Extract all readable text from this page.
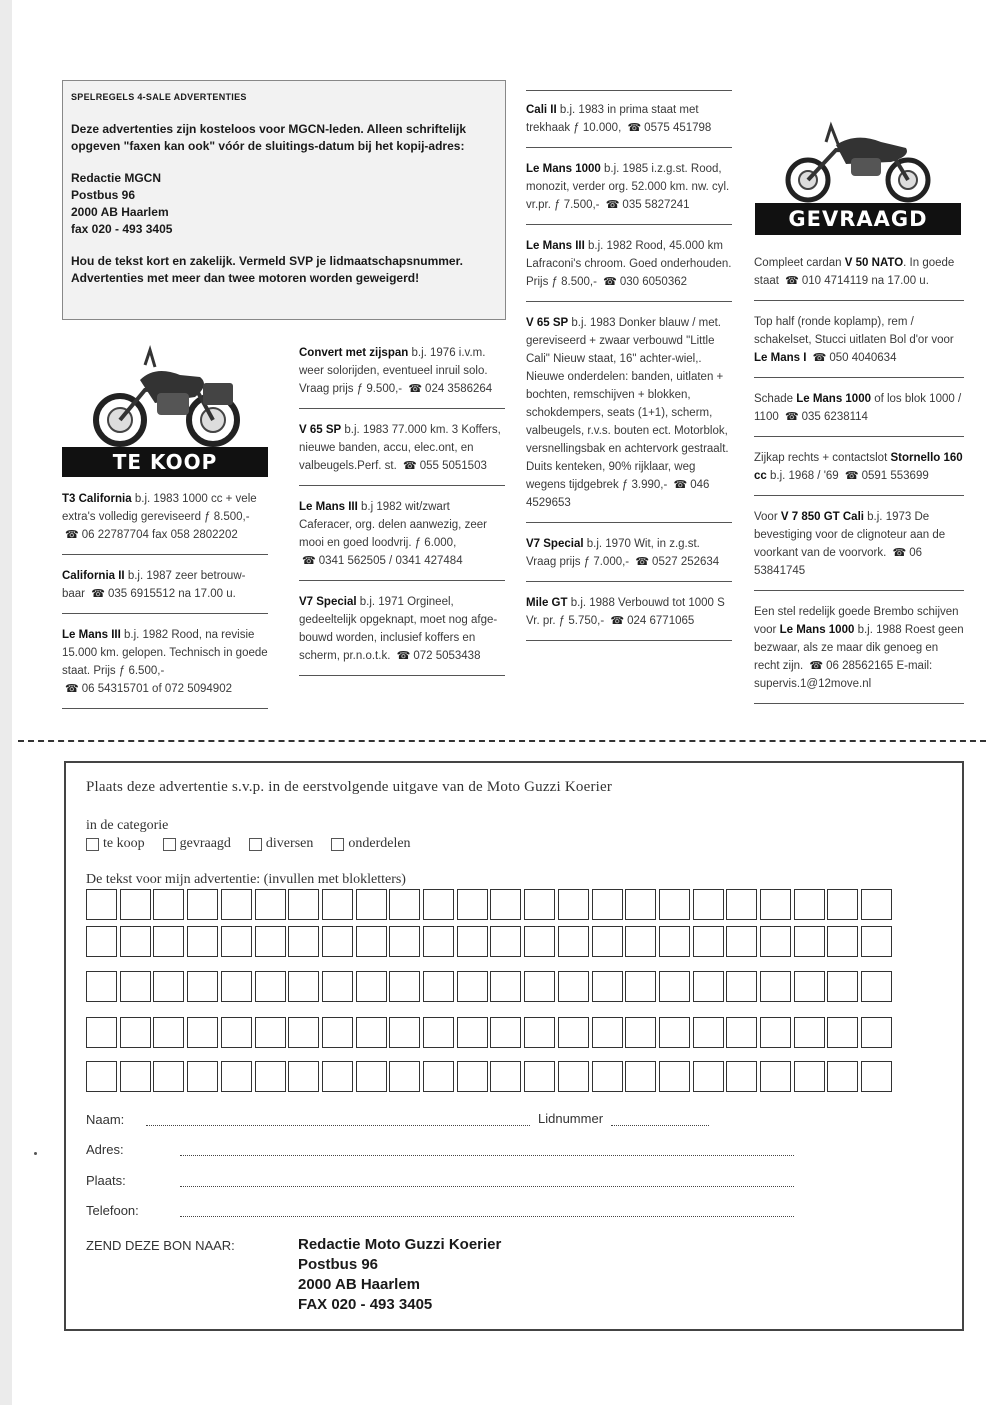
SPELREGELS 4-SALE ADVERTENTIES

Deze advertenties zijn kosteloos voor MGCN-leden. Alleen schriftelijk opgeven "faxen kan ook" vóór de sluitings-datum bij het kopij-adres:

Redactie MGCN
Postbus 96
2000 AB Haarlem
fax 020 - 493 3405

Hou de tekst kort en zakelijk. Vermeld SVP je lidmaatschapsnummer. Advertenties met meer dan twee motoren worden geweigerd!

TE KOOP
GEVRAAGD
T3 California b.j. 1983 1000 cc + vele extra's volledig gereviseerd ƒ 8.500,-
☎ 06 22787704 fax 058 2802202
California II b.j. 1987 zeer betrouw-baar ☎ 035 6915512 na 17.00 u.
Le Mans III b.j. 1982 Rood, na revisie 15.000 km. gelopen. Technisch in goede staat. Prijs ƒ 6.500,-
☎ 06 54315701 of 072 5094902
Convert met zijspan b.j. 1976 i.v.m. weer solorijden, eventueel inruil solo. Vraag prijs ƒ 9.500,- ☎ 024 3586264
V 65 SP b.j. 1983 77.000 km. 3 Koffers, nieuwe banden, accu, elec.ont, en valbeugels.Perf. st. ☎ 055 5051503
Le Mans III b.j 1982 wit/zwart Caferacer, org. delen aanwezig, zeer mooi en goed loodvrij. ƒ 6.000,
☎ 0341 562505 / 0341 427484
V7 Special b.j. 1971 Orgineel, gedeeltelijk opgeknapt, moet nog afge-bouwd worden, inclusief koffers en scherm, pr.n.o.t.k. ☎ 072 5053438
Cali II b.j. 1983 in prima staat met trekhaak ƒ 10.000, ☎ 0575 451798
Le Mans 1000 b.j. 1985 i.z.g.st. Rood, monozit, verder org. 52.000 km. nw. cyl. vr.pr. ƒ 7.500,- ☎ 035 5827241
Le Mans III b.j. 1982 Rood, 45.000 km Lafraconi's chroom. Goed onderhouden. Prijs ƒ 8.500,- ☎ 030 6050362
V 65 SP b.j. 1983 Donker blauw / met. gereviseerd + zwaar verbouwd "Little Cali" Nieuw staat, 16" achter-wiel,. Nieuwe onderdelen: banden, uitlaten + bochten, remschijven + blokken, schokdempers, seats (1+1), scherm, valbeugels, r.v.s. bouten ect. Motorblok, versnellingsbak en achtervork gestraalt. Duits kenteken, 90% rijklaar, weg wegens tijdgebrek ƒ 3.990,- ☎ 046 4529653
V7 Special b.j. 1970 Wit, in z.g.st. Vraag prijs ƒ 7.000,- ☎ 0527 252634
Mile GT b.j. 1988 Verbouwd tot 1000 S Vr. pr. ƒ 5.750,- ☎ 024 6771065
Compleet cardan V 50 NATO. In goede staat ☎ 010 4714119 na 17.00 u.
Top half (ronde koplamp), rem / schakelset, Stucci uitlaten Bol d'or voor Le Mans I ☎ 050 4040634
Schade Le Mans 1000 of los blok 1000 / 1100 ☎ 035 6238114
Zijkap rechts + contactslot Stornello 160 cc b.j. 1968 / '69 ☎ 0591 553699
Voor V 7 850 GT Cali b.j. 1973 De bevestiging voor de clignoteur aan de voorkant van de voorvork. ☎ 06 53841745
Een stel redelijk goede Brembo schijven voor Le Mans 1000 b.j. 1988 Roest geen bezwaar, als ze maar dik genoeg en recht zijn. ☎ 06 28562165 E-mail: supervis.1@12move.nl
Plaats deze advertentie s.v.p. in de eerstvolgende uitgave van de Moto Guzzi Koerier
in de categorie
te koop	gevraagd	diversen	onderdelen
De tekst voor mijn advertentie: (invullen met blokletters)
Naam:	Lidnummer
Adres:
Plaats:
Telefoon:
ZEND DEZE BON NAAR:	Redactie Moto Guzzi Koerier
Postbus 96
2000 AB Haarlem
FAX 020 - 493 3405
